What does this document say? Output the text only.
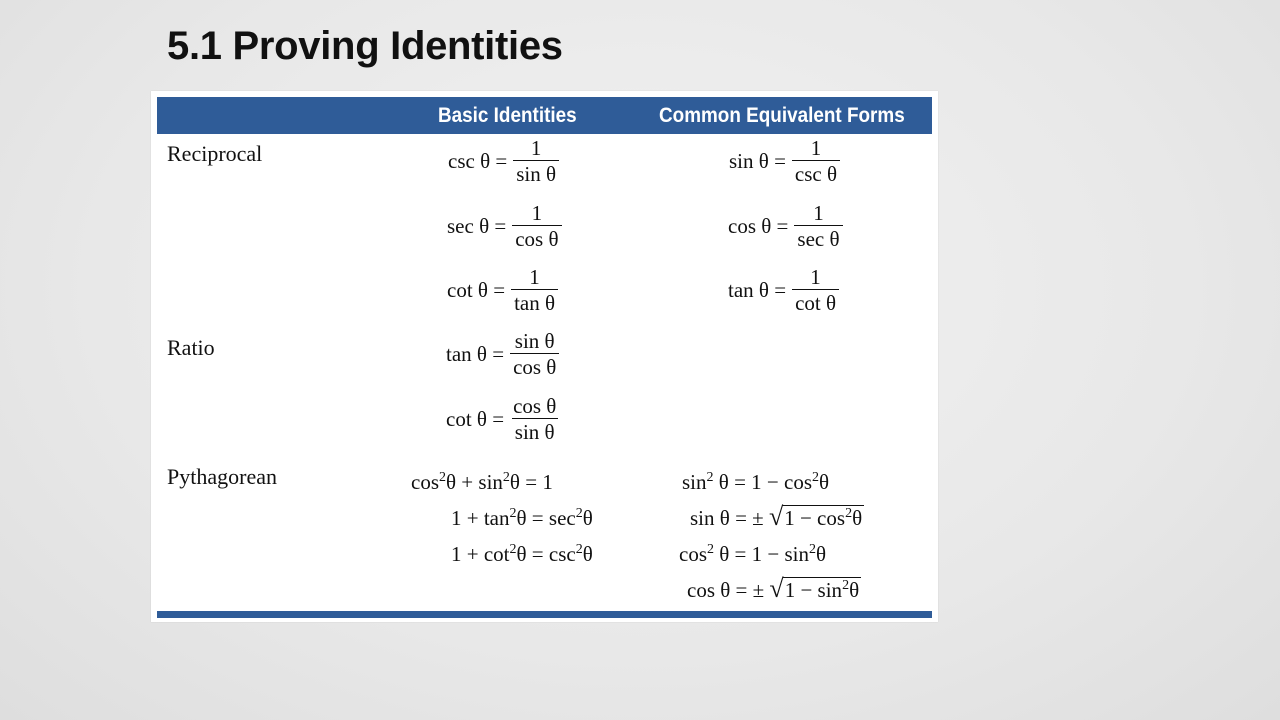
5.1 Proving Identities
Basic Identities	Common Equivalent Forms
Reciprocal
Ratio
Pythagorean
$\csc \theta = \frac{1}{\text{sin θ}}$
$\sec \theta = \frac{1}{\text{cos θ}}$
$\cot \theta = \frac{1}{\text{tan θ}}$
$\sin \theta = \frac{1}{\text{csc θ}}$
$\cos \theta = \frac{1}{\text{sec θ}}$
$\tan \theta = \frac{1}{\text{cot θ}}$
$\tan \theta = \frac{\text{sin θ}}{\text{cos θ}}$
$\cot \theta = \frac{\text{cos θ}}{\text{sin θ}}$
$\cos^2\theta + \sin^2\theta = 1$
$1 + \tan^2\theta = \sec^2\theta$
$1 + \cot^2\theta = \csc^2\theta$
$\sin^2 \theta = 1 - \cos^2\theta$
sin θ = ± √ $1 - \cos^2\theta$
$\cos^2 \theta = 1 - \sin^2\theta$
cos θ = ± √ $1 - \sin^2\theta$
